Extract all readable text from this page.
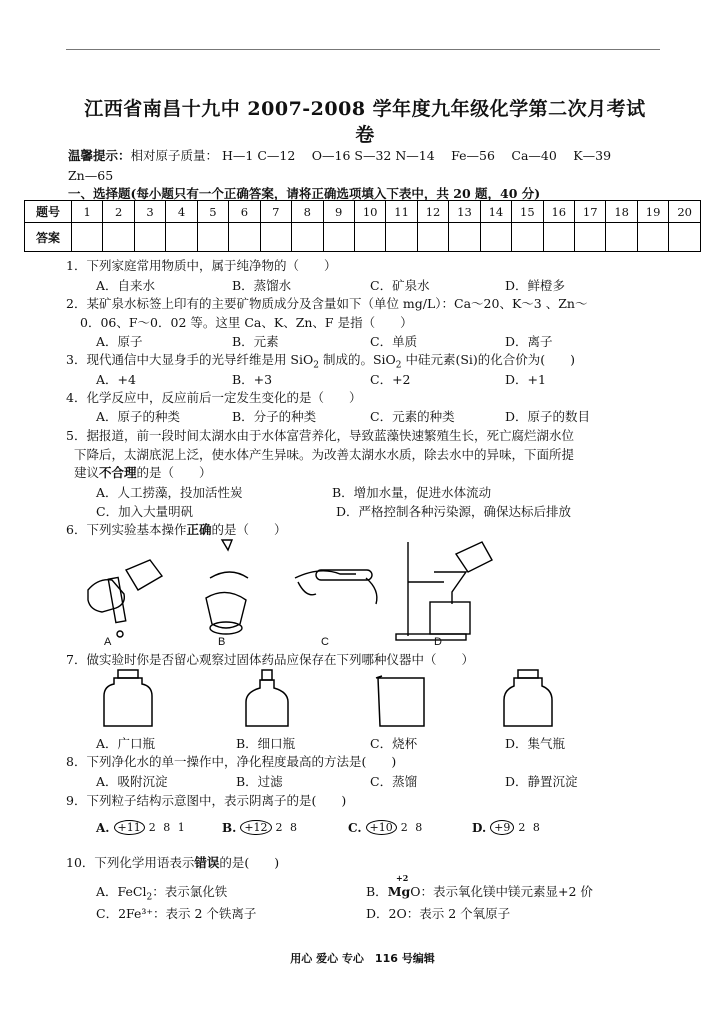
江西省南昌十九中 2007-2008 学年度九年级化学第二次月考试
卷
温馨提示：相对原子质量： H—1 C—12　 O—16 S—32 N—14　 Fe—56　 Ca—40　 K—39
Zn—65
一、选择题(每小题只有一个正确答案，请将正确选项填入下表中，共 20 题，40 分)
题号	1	2	3	4	5	6	7	8	9	10	11	12	13	14	15	16	17	18	19	20
答案																				
1．下列家庭常用物质中，属于纯净物的（　　）
A．自来水	B．蒸馏水	C．矿泉水	D．鲜橙多
2．某矿泉水标签上印有的主要矿物质成分及含量如下（单位 mg/L）：Ca～20、K～3 、Zn～
0．06、F～0．02 等。这里 Ca、K、Zn、F 是指（　　）
A．原子	B．元素	C．单质	D．离子
3．现代通信中大显身手的光导纤维是用 SiO$_2$ 制成的。SiO$_2$ 中硅元素(Si)的化合价为(　　)
A．+4	B．+3	C．+2	D．+1
4．化学反应中，反应前后一定发生变化的是（　　）
A．原子的种类	B．分子的种类	C．元素的种类	D．原子的数目
5．据报道，前一段时间太湖水由于水体富营养化，导致蓝藻快速繁殖生长，死亡腐烂湖水位
下降后，太湖底泥上泛，使水体产生异味。为改善太湖水水质，除去水中的异味，下面所提
建议不合理的是（　　）
A．人工捞藻，投加活性炭	B．增加水量，促进水体流动
C．加入大量明矾	D．严格控制各种污染源，确保达标后排放
6．下列实验基本操作正确的是（　　）
A	B	C	D
7．做实验时你是否留心观察过固体药品应保存在下列哪种仪器中（　　）
A．广口瓶	B．细口瓶	C．烧杯	D．集气瓶
8．下列净化水的单一操作中，净化程度最高的方法是(　　)
A．吸附沉淀	B．过滤	C．蒸馏	D．静置沉淀
9．下列粒子结构示意图中，表示阴离子的是(　　)
A. +11 2 8 1	B. +12 2 8	C. +10 2 8	D. +9 2 8
10．下列化学用语表示错误的是(　　)
A．FeCl$_2$：表示氯化铁
+2
B．MgO：表示氧化镁中镁元素显+2 价
C．2Fe³⁺：表示 2 个铁离子	D．2O：表示 2 个氧原子
用心 爱心 专心　116 号编辑
